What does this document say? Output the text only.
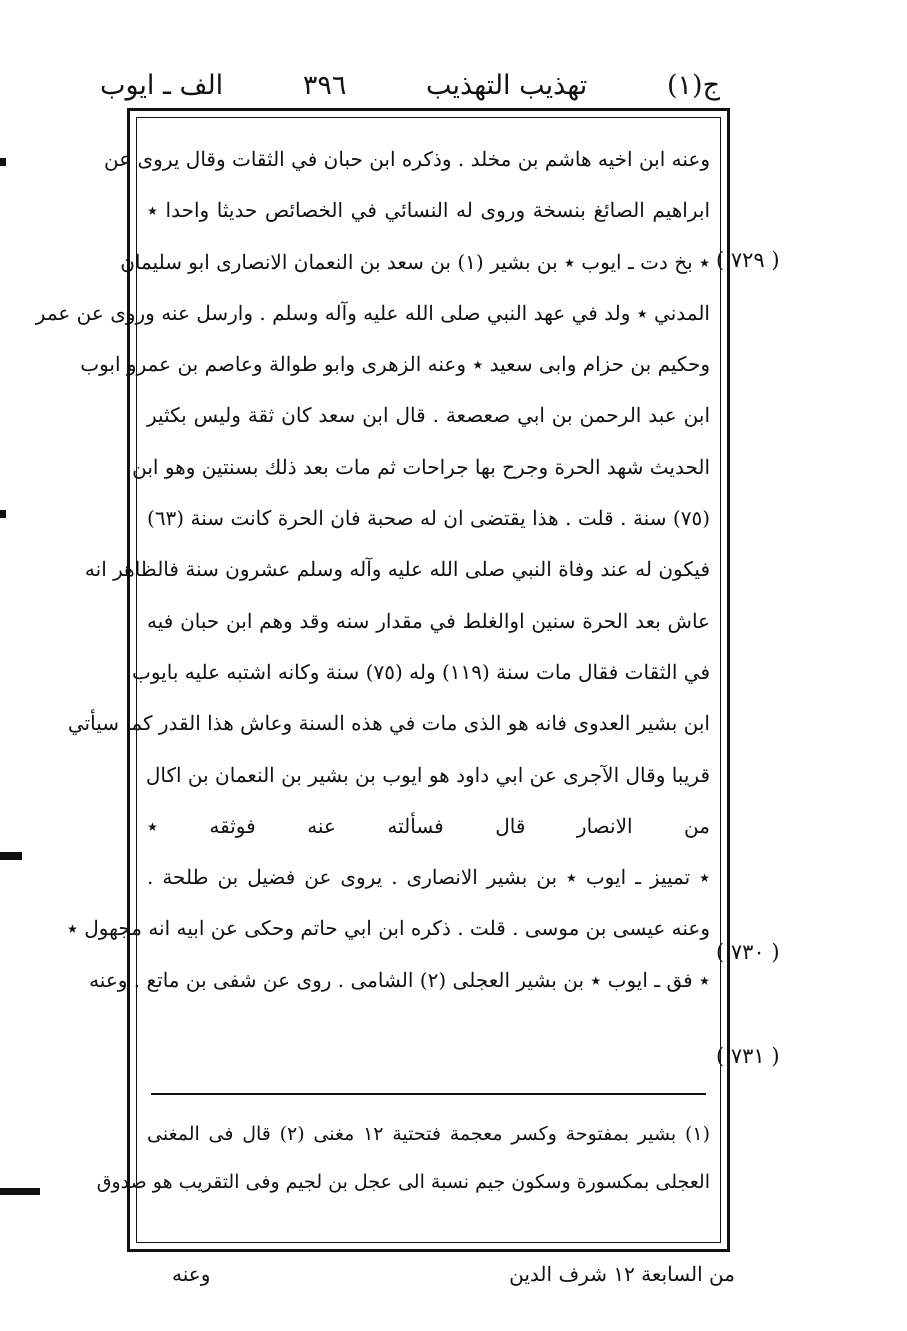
ج(١)
تهذيب التهذيب
٣٩٦
الف ـ ايوب
( ٧٢٩ )
( ٧٣٠ )
( ٧٣١ )
وعنه ابن اخيه هاشم بن مخلد . وذكره ابن حبان في الثقات وقال يروى عن
ابراهيم الصائغ بنسخة وروى له النسائي في الخصائص حديثا واحدا ٭
٭ بخ دت ـ ايوب ٭ بن بشير (١) بن سعد بن النعمان الانصارى ابو سليمان
المدني ٭ ولد في عهد النبي صلى الله عليه وآله وسلم . وارسل عنه وروى عن عمر
وحكيم بن حزام وابى سعيد ٭ وعنه الزهرى وابو طوالة وعاصم بن عمرو ابوب
ابن عبد الرحمن بن ابي صعصعة . قال ابن سعد كان ثقة وليس بكثير
الحديث شهد الحرة وجرح بها جراحات ثم مات بعد ذلك بسنتين وهو ابن
(٧٥) سنة . قلت . هذا يقتضى ان له صحبة فان الحرة كانت سنة (٦٣)
فيكون له عند وفاة النبي صلى الله عليه وآله وسلم عشرون سنة فالظاهر انه
عاش بعد الحرة سنين اوالغلط في مقدار سنه وقد وهم ابن حبان فيه
في الثقات فقال مات سنة (١١٩) وله (٧٥) سنة وكانه اشتبه عليه بايوب
ابن بشير العدوى فانه هو الذى مات في هذه السنة وعاش هذا القدر كما سيأتي
قريبا وقال الآجرى عن ابي داود هو ايوب بن بشير بن النعمان بن اكال
من الانصار قال فسألته عنه فوثقه ٭
٭ تمييز ـ ايوب ٭ بن بشير الانصارى . يروى عن فضيل بن طلحة .
وعنه عيسى بن موسى . قلت . ذكره ابن ابي حاتم وحكى عن ابيه انه مجهول ٭
٭ فق ـ ايوب ٭ بن بشير العجلى (٢) الشامى . روى عن شفى بن ماتع . وعنه
(١) بشير بمفتوحة وكسر معجمة فتحتية ١٢ مغنى (٢) قال فى المغنى
العجلى بمكسورة وسكون جيم نسبة الى عجل بن لجيم وفى التقريب هو صدوق
من السابعة ١٢ شرف الدين
وعنه
